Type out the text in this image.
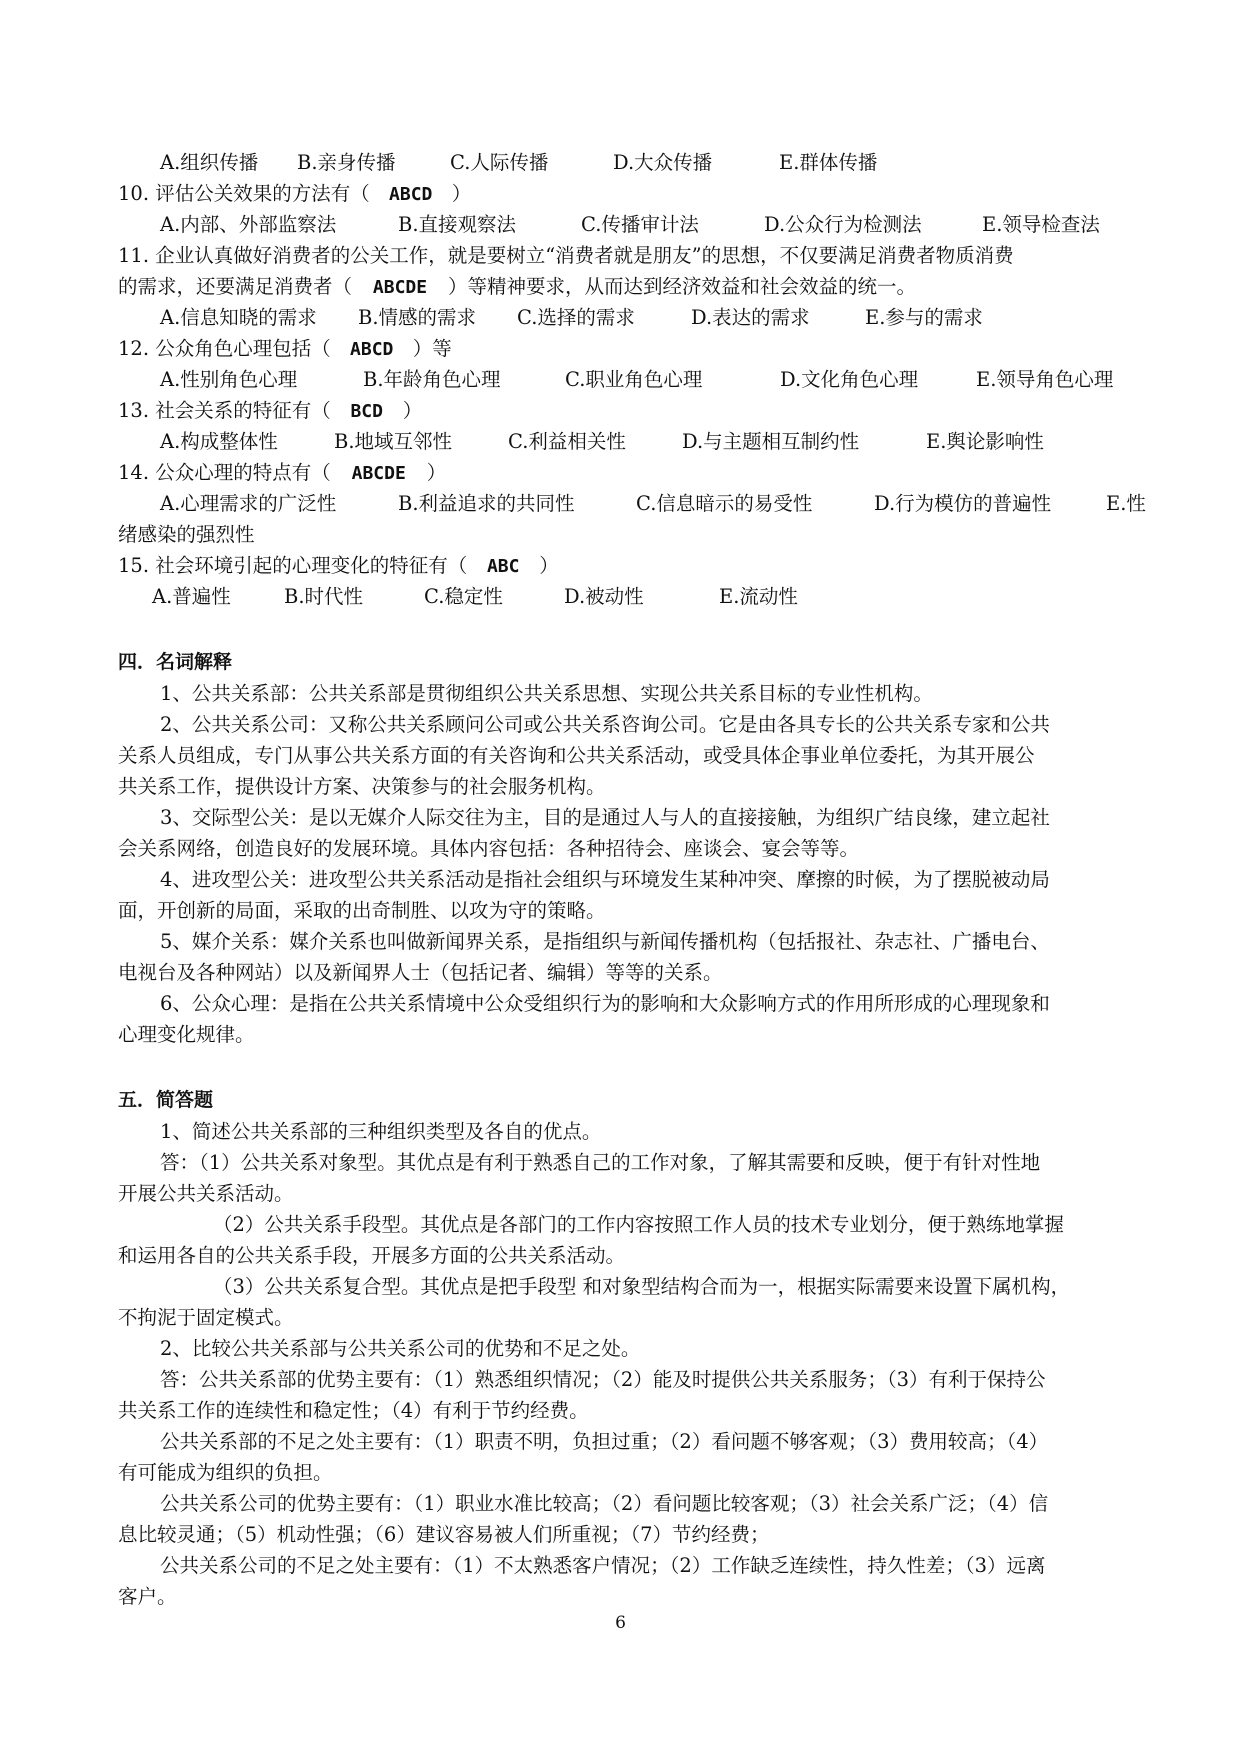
A.组织传播 B.亲身传播	C.人际传播	D.大众传播	E.群体传播
10. 评估公关效果的方法有（ ABCD ）
A.内部、外部监察法	B.直接观察法	C.传播审计法	D.公众行为检测法	E.领导检查法
11. 企业认真做好消费者的公关工作，就是要树立“消费者就是朋友”的思想，不仅要满足消费者物质消费
的需求，还要满足消费者（ ABCDE ）等精神要求，从而达到经济效益和社会效益的统一。
A.信息知晓的需求 B.情感的需求 C.选择的需求	D.表达的需求	E.参与的需求
12. 公众角色心理包括（ ABCD ）等
A.性别角色心理	B.年龄角色心理	C.职业角色心理	D.文化角色心理	E.领导角色心理
13. 社会关系的特征有（ BCD ）
A.构成整体性	B.地域互邻性	C.利益相关性	D.与主题相互制约性	E.舆论影响性
14. 公众心理的特点有（ ABCDE ）
A.心理需求的广泛性	B.利益追求的共同性	C.信息暗示的易受性	D.行为模仿的普遍性	E.性
绪感染的强烈性
15. 社会环境引起的心理变化的特征有（ ABC ）
A.普遍性	B.时代性	C.稳定性	D.被动性	E.流动性
四．名词解释
1、公共关系部：公共关系部是贯彻组织公共关系思想、实现公共关系目标的专业性机构。
2、公共关系公司：又称公共关系顾问公司或公共关系咨询公司。它是由各具专长的公共关系专家和公共
关系人员组成，专门从事公共关系方面的有关咨询和公共关系活动，或受具体企事业单位委托，为其开展公
共关系工作，提供设计方案、决策参与的社会服务机构。
3、交际型公关：是以无媒介人际交往为主，目的是通过人与人的直接接触，为组织广结良缘，建立起社
会关系网络，创造良好的发展环境。具体内容包括：各种招待会、座谈会、宴会等等。
4、进攻型公关：进攻型公共关系活动是指社会组织与环境发生某种冲突、摩擦的时候，为了摆脱被动局
面，开创新的局面，采取的出奇制胜、以攻为守的策略。
5、媒介关系：媒介关系也叫做新闻界关系，是指组织与新闻传播机构（包括报社、杂志社、广播电台、
电视台及各种网站）以及新闻界人士（包括记者、编辑）等等的关系。
6、公众心理：是指在公共关系情境中公众受组织行为的影响和大众影响方式的作用所形成的心理现象和
心理变化规律。
五．简答题
1、简述公共关系部的三种组织类型及各自的优点。
答：（1）公共关系对象型。其优点是有利于熟悉自己的工作对象，了解其需要和反映，便于有针对性地
开展公共关系活动。
（2）公共关系手段型。其优点是各部门的工作内容按照工作人员的技术专业划分，便于熟练地掌握
和运用各自的公共关系手段，开展多方面的公共关系活动。
（3）公共关系复合型。其优点是把手段型 和对象型结构合而为一，根据实际需要来设置下属机构，
不拘泥于固定模式。
2、比较公共关系部与公共关系公司的优势和不足之处。
答：公共关系部的优势主要有：（1）熟悉组织情况；（2）能及时提供公共关系服务；（3）有利于保持公
共关系工作的连续性和稳定性；（4）有利于节约经费。
公共关系部的不足之处主要有：（1）职责不明，负担过重；（2）看问题不够客观；（3）费用较高；（4）
有可能成为组织的负担。
公共关系公司的优势主要有：（1）职业水准比较高；（2）看问题比较客观；（3）社会关系广泛；（4）信
息比较灵通；（5）机动性强；（6）建议容易被人们所重视；（7）节约经费；
公共关系公司的不足之处主要有：（1）不太熟悉客户情况；（2）工作缺乏连续性，持久性差；（3）远离
客户。
6
